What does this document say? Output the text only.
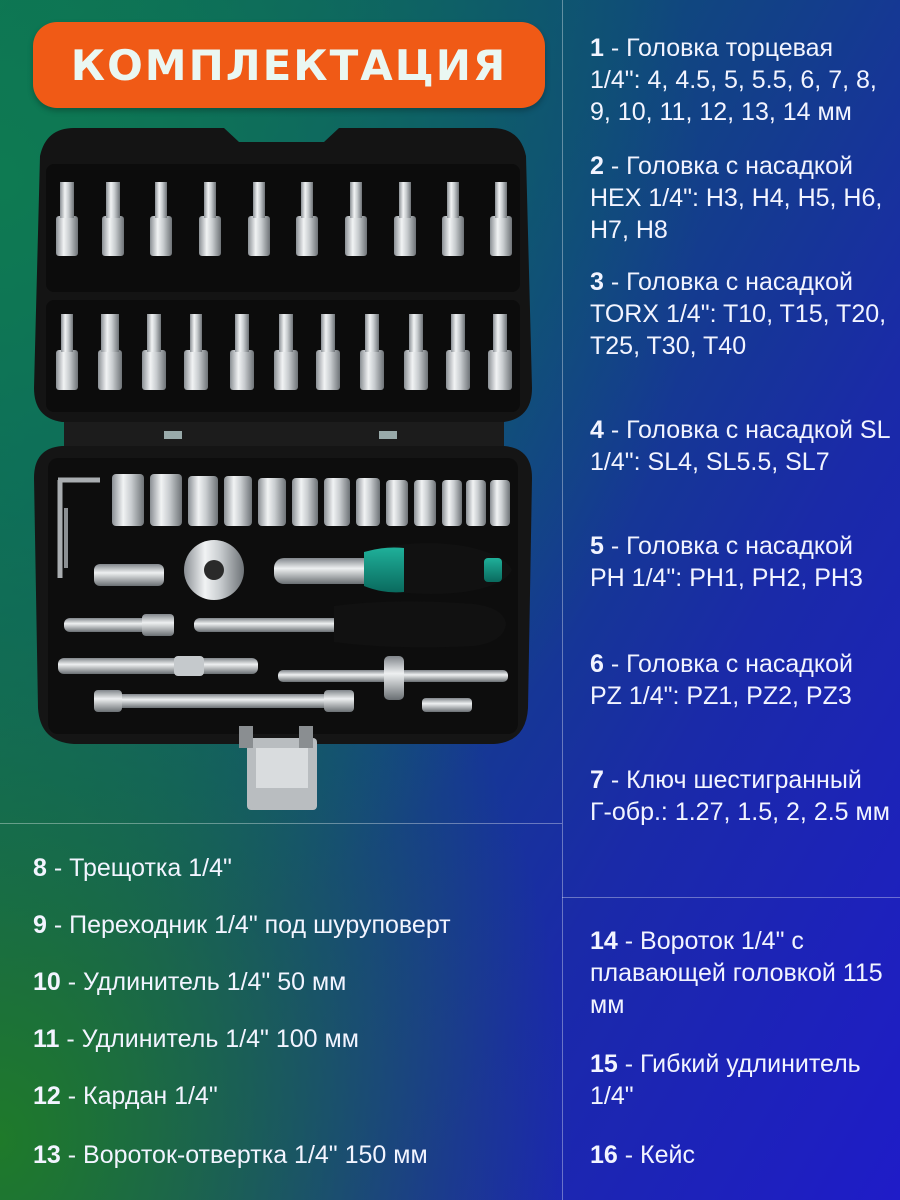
КОМПЛЕКТАЦИЯ	1 - Головка торцевая 1/4": 4, 4.5, 5, 5.5, 6, 7, 8, 9, 10, 11, 12, 13, 14 мм
2 - Головка с насадкой HEX 1/4": H3, H4, H5, H6, H7, H8
3 - Головка с насадкой TORX 1/4": T10, T15, T20, T25, T30, T40
4 - Головка с насадкой SL 1/4": SL4, SL5.5, SL7
5 - Головка с насадкой PH 1/4": PH1, PH2, PH3
6 - Головка с насадкой PZ 1/4": PZ1, PZ2, PZ3
7 - Ключ шестигранный Г-обр.: 1.27, 1.5, 2, 2.5 мм
14 - Вороток 1/4" с плавающей головкой 115 мм
15 - Гибкий удлинитель 1/4"
16 - Кейс
8 - Трещотка 1/4"
9 - Переходник 1/4" под шуруповерт
10 - Удлинитель 1/4" 50 мм
11 - Удлинитель 1/4" 100 мм
12 - Кардан 1/4"
13 - Вороток-отвертка 1/4" 150 мм
